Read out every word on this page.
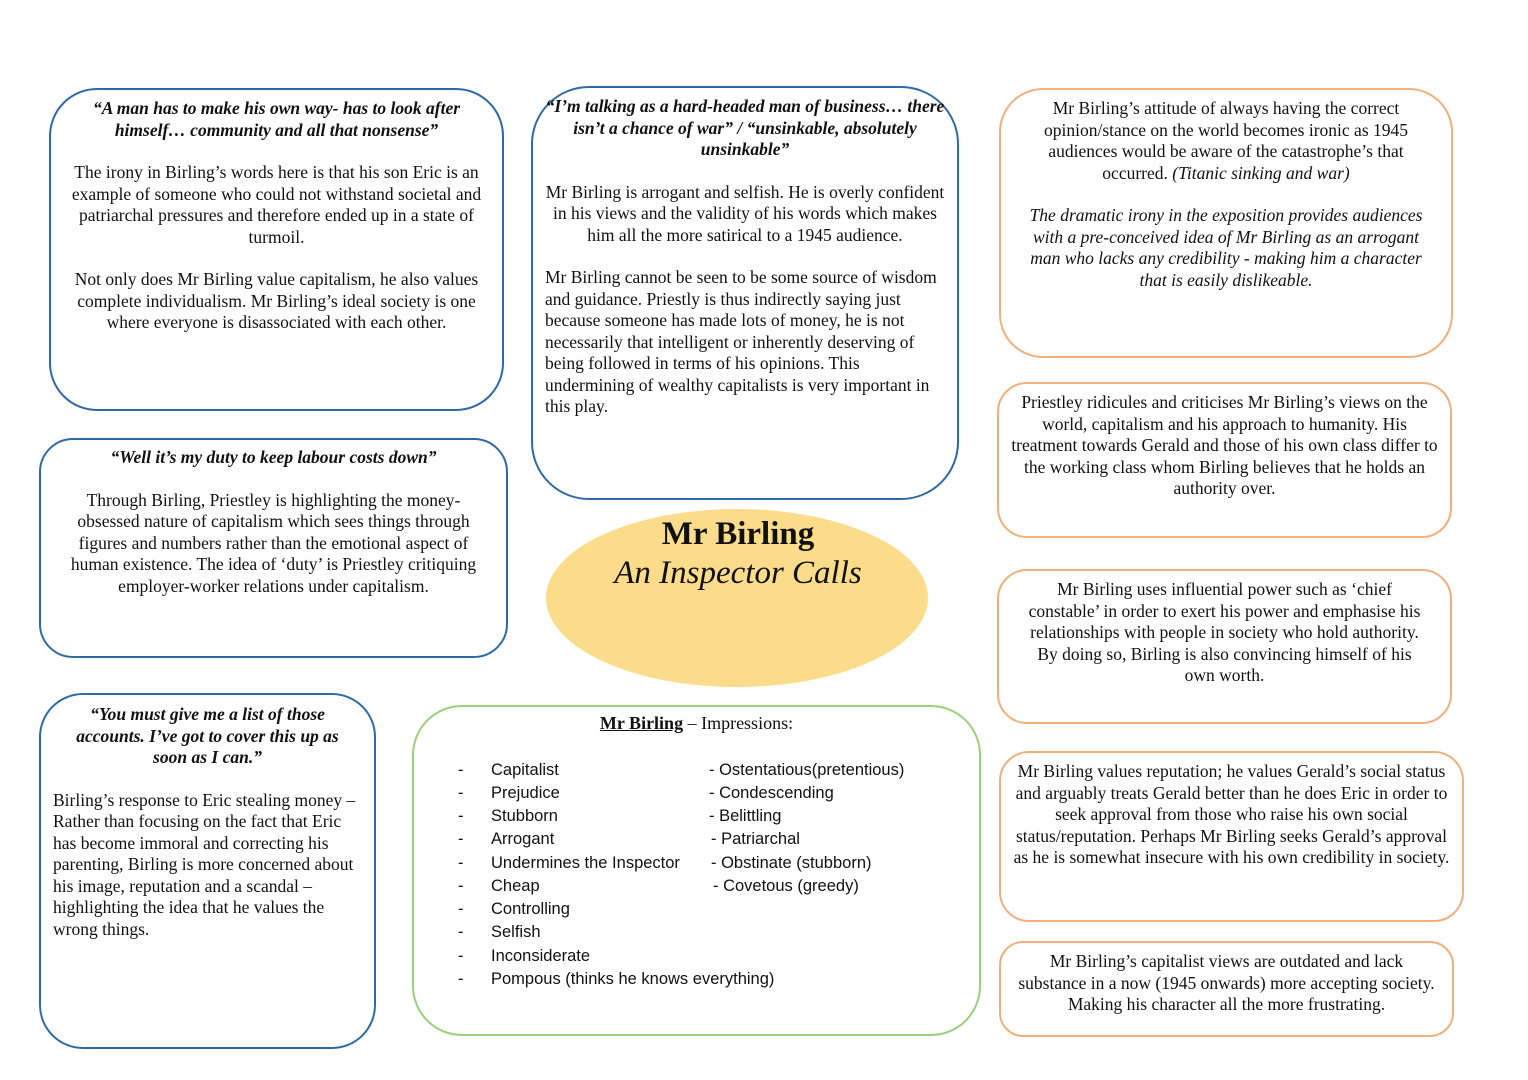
“A man has to make his own way- has to look after himself… community and all that nonsense”

The irony in Birling’s words here is that his son Eric is an example of someone who could not withstand societal and patriarchal pressures and therefore ended up in a state of turmoil.

Not only does Mr Birling value capitalism, he also values complete individualism. Mr Birling’s ideal society is one where everyone is disassociated with each other.

“I’m talking as a hard-headed man of business… there isn’t a chance of war” / “unsinkable, absolutely unsinkable”

Mr Birling is arrogant and selfish. He is overly confident in his views and the validity of his words which makes him all the more satirical to a 1945 audience.

Mr Birling cannot be seen to be some source of wisdom and guidance. Priestly is thus indirectly saying just because someone has made lots of money, he is not necessarily that intelligent or inherently deserving of being followed in terms of his opinions. This undermining of wealthy capitalists is very important in this play.

Mr Birling’s attitude of always having the correct opinion/stance on the world becomes ironic as 1945 audiences would be aware of the catastrophe’s that occurred. (Titanic sinking and war)

The dramatic irony in the exposition provides audiences with a pre-conceived idea of Mr Birling as an arrogant man who lacks any credibility - making him a character that is easily dislikeable.

“Well it’s my duty to keep labour costs down”

Through Birling, Priestley is highlighting the money-obsessed nature of capitalism which sees things through figures and numbers rather than the emotional aspect of human existence. The idea of ‘duty’ is Priestley critiquing employer-worker relations under capitalism.

Priestley ridicules and criticises Mr Birling’s views on the world, capitalism and his approach to humanity. His treatment towards Gerald and those of his own class differ to the working class whom Birling believes that he holds an authority over.

Mr Birling
An Inspector Calls	Mr Birling uses influential power such as ‘chief constable’ in order to exert his power and emphasise his relationships with people in society who hold authority. By doing so, Birling is also convincing himself of his own worth.

“You must give me a list of those accounts. I’ve got to cover this up as soon as I can.”

Birling’s response to Eric stealing money – Rather than focusing on the fact that Eric has become immoral and correcting his parenting, Birling is more concerned about his image, reputation and a scandal – highlighting the idea that he values the wrong things.

Mr Birling – Impressions:
- Capitalist	- Ostentatious(pretentious)
- Prejudice	- Condescending
- Stubborn	- Belittling
- Arrogant	- Patriarchal
- Undermines the Inspector - Obstinate (stubborn)
- Cheap	- Covetous (greedy)
- Controlling
- Selfish
- Inconsiderate
- Pompous (thinks he knows everything)

Mr Birling values reputation; he values Gerald’s social status and arguably treats Gerald better than he does Eric in order to seek approval from those who raise his own social status/reputation. Perhaps Mr Birling seeks Gerald’s approval as he is somewhat insecure with his own credibility in society.

Mr Birling’s capitalist views are outdated and lack substance in a now (1945 onwards) more accepting society. Making his character all the more frustrating.
